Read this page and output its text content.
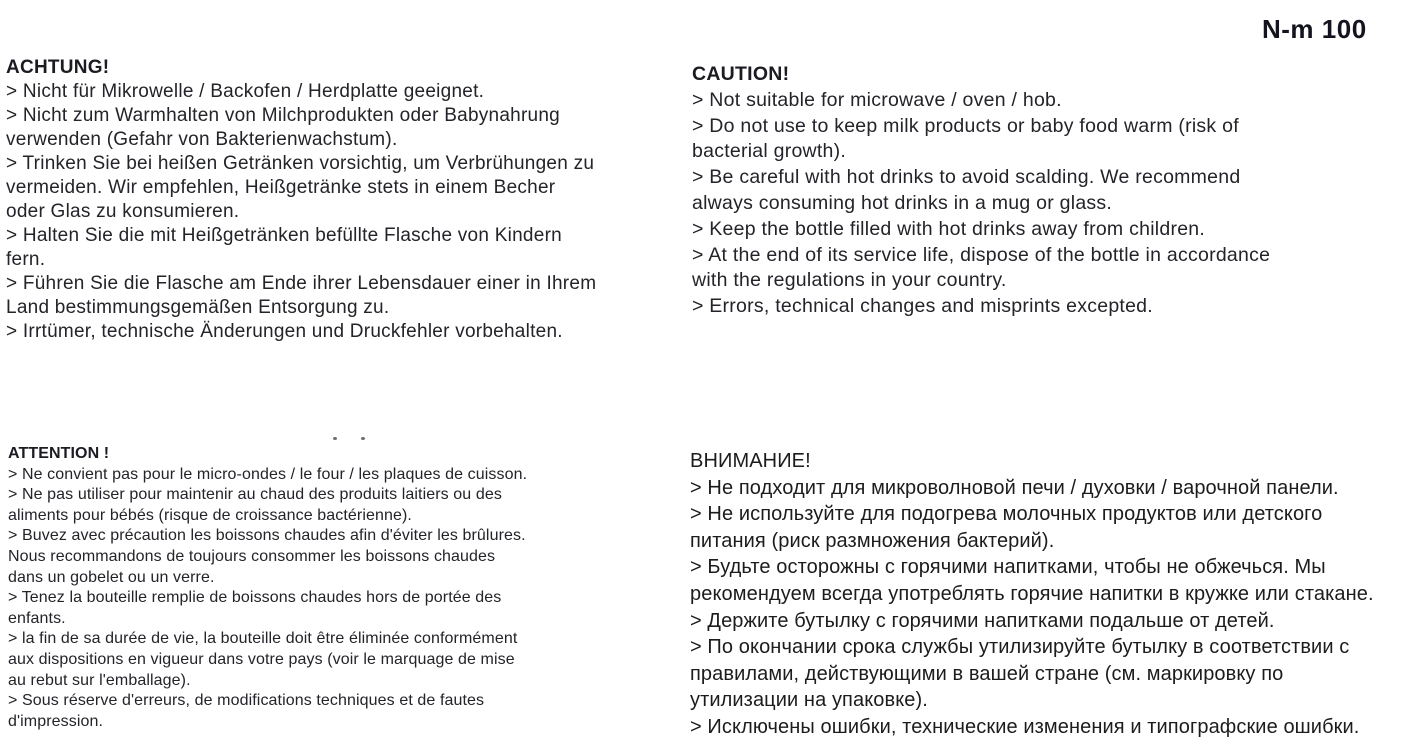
N-m 100
ACHTUNG!
> Nicht für Mikrowelle / Backofen / Herdplatte geeignet.
> Nicht zum Warmhalten von Milchprodukten oder Babynahrung
verwenden (Gefahr von Bakterienwachstum).
> Trinken Sie bei heißen Getränken vorsichtig, um Verbrühungen zu
vermeiden. Wir empfehlen, Heißgetränke stets in einem Becher
oder Glas zu konsumieren.
> Halten Sie die mit Heißgetränken befüllte Flasche von Kindern
fern.
> Führen Sie die Flasche am Ende ihrer Lebensdauer einer in Ihrem
Land bestimmungsgemäßen Entsorgung zu.
> Irrtümer, technische Änderungen und Druckfehler vorbehalten.
CAUTION!
> Not suitable for microwave / oven / hob.
> Do not use to keep milk products or baby food warm (risk of
bacterial growth).
> Be careful with hot drinks to avoid scalding. We recommend
always consuming hot drinks in a mug or glass.
> Keep the bottle filled with hot drinks away from children.
> At the end of its service life, dispose of the bottle in accordance
with the regulations in your country.
> Errors, technical changes and misprints excepted.
ATTENTION !
> Ne convient pas pour le micro-ondes / le four / les plaques de cuisson.
> Ne pas utiliser pour maintenir au chaud des produits laitiers ou des
aliments pour bébés (risque de croissance bactérienne).
> Buvez avec précaution les boissons chaudes afin d'éviter les brûlures.
Nous recommandons de toujours consommer les boissons chaudes
dans un gobelet ou un verre.
> Tenez la bouteille remplie de boissons chaudes hors de portée des
enfants.
> la fin de sa durée de vie, la bouteille doit être éliminée conformément
aux dispositions en vigueur dans votre pays (voir le marquage de mise
au rebut sur l'emballage).
> Sous réserve d'erreurs, de modifications techniques et de fautes
d'impression.
ВНИМАНИЕ!
> Не подходит для микроволновой печи / духовки / варочной панели.
> Не используйте для подогрева молочных продуктов или детского
питания (риск размножения бактерий).
> Будьте осторожны с горячими напитками, чтобы не обжечься. Мы
рекомендуем всегда употреблять горячие напитки в кружке или стакане.
> Держите бутылку с горячими напитками подальше от детей.
> По окончании срока службы утилизируйте бутылку в соответствии с
правилами, действующими в вашей стране (см. маркировку по
утилизации на упаковке).
> Исключены ошибки, технические изменения и типографские ошибки.
